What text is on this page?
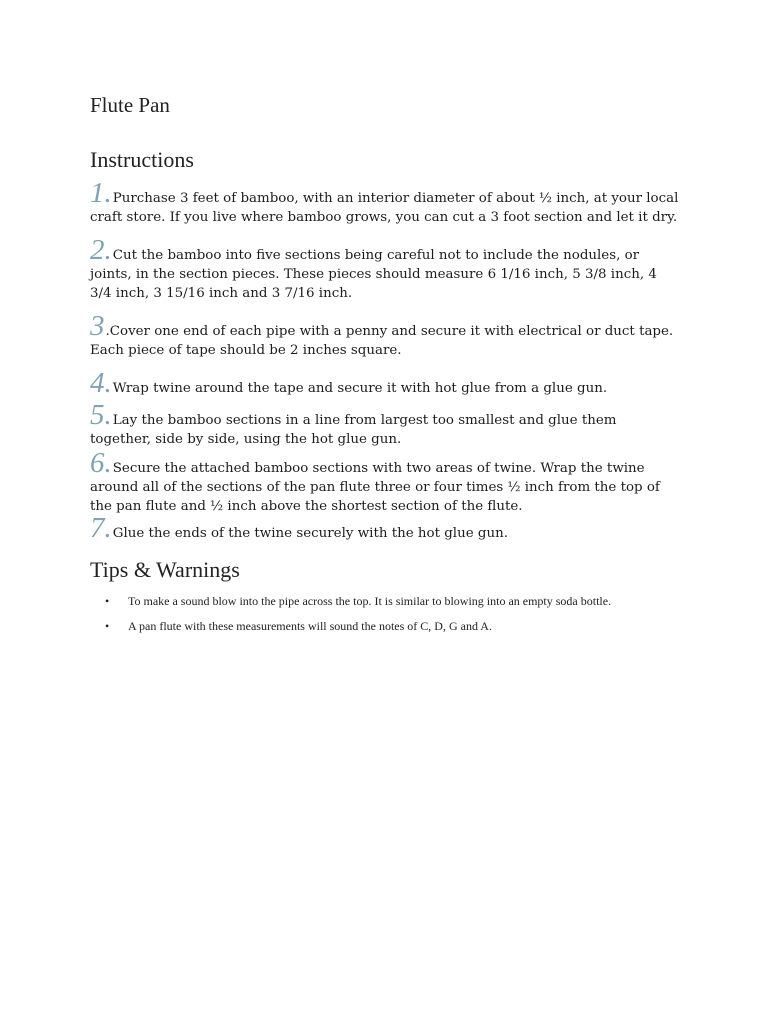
Flute Pan
Instructions

1.Purchase 3 feet of bamboo, with an interior diameter of about ½ inch, at your local craft store. If you live where bamboo grows, you can cut a 3 foot section and let it dry.

2.Cut the bamboo into five sections being careful not to include the nodules, or joints, in the section pieces. These pieces should measure 6 1/16 inch, 5 3/8 inch, 4 3/4 inch, 3 15/16 inch and 3 7/16 inch.

3.Cover one end of each pipe with a penny and secure it with electrical or duct tape. Each piece of tape should be 2 inches square.

4.Wrap twine around the tape and secure it with hot glue from a glue gun.

5.Lay the bamboo sections in a line from largest too smallest and glue them together, side by side, using the hot glue gun.

6.Secure the attached bamboo sections with two areas of twine. Wrap the twine around all of the sections of the pan flute three or four times ½ inch from the top of the pan flute and ½ inch above the shortest section of the flute.

7.Glue the ends of the twine securely with the hot glue gun.

Tips & Warnings
• To make a sound blow into the pipe across the top. It is similar to blowing into an empty soda bottle.
• A pan flute with these measurements will sound the notes of C, D, G and A.
